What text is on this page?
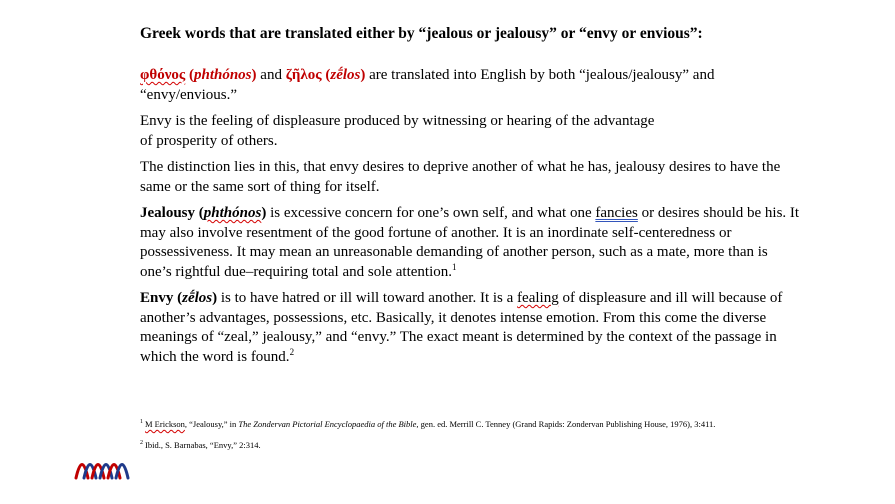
Greek words that are translated either by “jealous or jealousy” or “envy or envious”:

φθόνος (phthónos) and ζῆλος (zḗlos) are translated into English by both “jealous/jealousy” and “envy/envious.”

Envy is the feeling of displeasure produced by witnessing or hearing of the advantage
of prosperity of others.

The distinction lies in this, that envy desires to deprive another of what he has, jealousy desires to have the same or the same sort of thing for itself.

Jealousy (phthónos) is excessive concern for one’s own self, and what one fancies or desires should be his. It may also involve resentment of the good fortune of another. It is an inordinate self-centeredness or possessiveness. It may mean an unreasonable demanding of another person, such as a mate, more than is one’s rightful due‒requiring total and sole attention.$^1$

Envy (zḗlos) is to have hatred or ill will toward another. It is a fealing of displeasure and ill will because of another’s advantages, possessions, etc. Basically, it denotes intense emotion. From this come the diverse meanings of “zeal,” jealousy,” and “envy.” The exact meant is determined by the context of the passage in which the word is found.$^2$

$^1$ M Erickson, “Jealousy,” in The Zondervan Pictorial Encyclopaedia of the Bible, gen. ed. Merrill C. Tenney (Grand Rapids: Zondervan Publishing House, 1976), 3:411.
$^2$ Ibid., S. Barnabas, “Envy,” 2:314.
